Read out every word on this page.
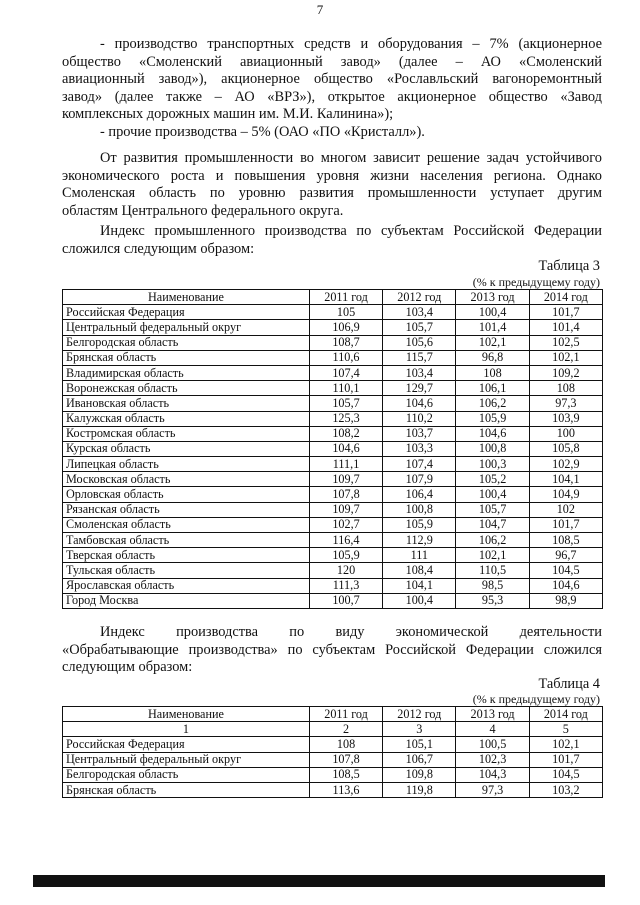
7

- производство транспортных средств и оборудования – 7% (акционерное

общество «Смоленский авиационный завод» (далее – АО «Смоленский

авиационный завод»), акционерное общество «Рославльский вагоноремонтный

завод» (далее также – АО «ВРЗ»), открытое акционерное общество «Завод

комплексных дорожных машин им. М.И. Калинина»);

- прочие производства – 5% (ОАО «ПО «Кристалл»).

От развития промышленности во многом зависит решение задач устойчивого

экономического роста и повышения уровня жизни населения региона. Однако

Смоленская область по уровню развития промышленности уступает другим

областям Центрального федерального округа.

Индекс промышленного производства по субъектам Российской Федерации

сложился следующим образом:

Таблица 3
(% к предыдущему году)
Наименование	2011 год	2012 год	2013 год	2014 год
Российская Федерация	105	103,4	100,4	101,7
Центральный федеральный округ	106,9	105,7	101,4	101,4
Белгородская область	108,7	105,6	102,1	102,5
Брянская область	110,6	115,7	96,8	102,1
Владимирская область	107,4	103,4	108	109,2
Воронежская область	110,1	129,7	106,1	108
Ивановская область	105,7	104,6	106,2	97,3
Калужская область	125,3	110,2	105,9	103,9
Костромская область	108,2	103,7	104,6	100
Курская область	104,6	103,3	100,8	105,8
Липецкая область	111,1	107,4	100,3	102,9
Московская область	109,7	107,9	105,2	104,1
Орловская область	107,8	106,4	100,4	104,9
Рязанская область	109,7	100,8	105,7	102
Смоленская область	102,7	105,9	104,7	101,7
Тамбовская область	116,4	112,9	106,2	108,5
Тверская область	105,9	111	102,1	96,7
Тульская область	120	108,4	110,5	104,5
Ярославская область	111,3	104,1	98,5	104,6
Город Москва	100,7	100,4	95,3	98,9

Индекс производства по виду экономической деятельности

«Обрабатывающие производства» по субъектам Российской Федерации сложился

следующим образом:

Таблица 4
(% к предыдущему году)
Наименование	2011 год	2012 год	2013 год	2014 год
1	2	3	4	5
Российская Федерация	108	105,1	100,5	102,1
Центральный федеральный округ	107,8	106,7	102,3	101,7
Белгородская область	108,5	109,8	104,3	104,5
Брянская область	113,6	119,8	97,3	103,2
